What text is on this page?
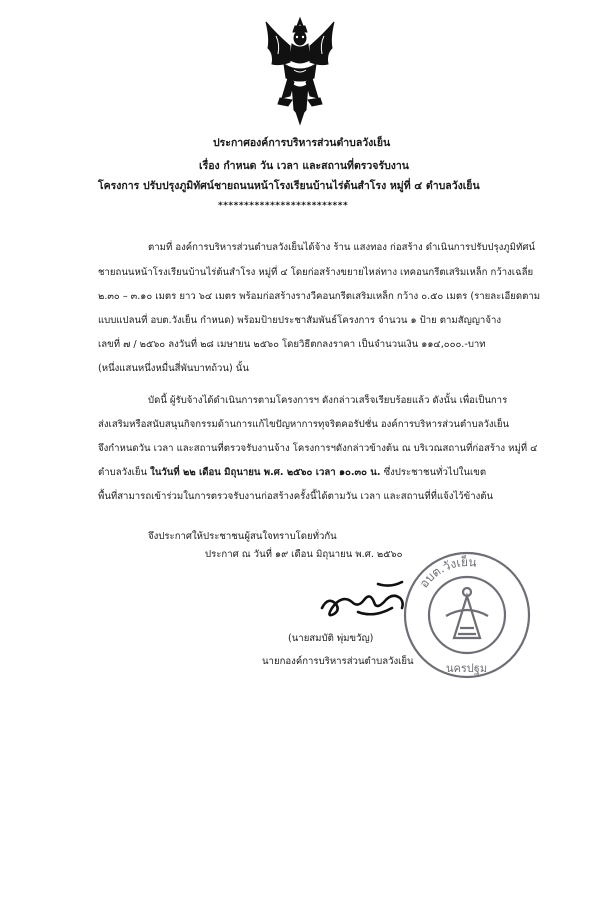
ประกาศองค์การบริหารส่วนตำบลวังเย็น
เรื่อง กำหนด วัน เวลา และสถานที่ตรวจรับงาน
โครงการ ปรับปรุงภูมิทัศน์ชายถนนหน้าโรงเรียนบ้านไร่ต้นสำโรง หมู่ที่ ๔ ตำบลวังเย็น
*************************
ตามที่ องค์การบริหารส่วนตำบลวังเย็นได้จ้าง ร้าน แสงทอง ก่อสร้าง ดำเนินการปรับปรุงภูมิทัศน์
ชายถนนหน้าโรงเรียนบ้านไร่ต้นสำโรง หมู่ที่ ๔ โดยก่อสร้างขยายไหล่ทาง เทคอนกรีตเสริมเหล็ก กว้างเฉลี่ย
๒.๓๐ – ๓.๑๐ เมตร ยาว ๖๔ เมตร พร้อมก่อสร้างรางวีคอนกรีตเสริมเหล็ก กว้าง ๐.๕๐ เมตร (รายละเอียดตาม
แบบแปลนที่ อบต.วังเย็น กำหนด) พร้อมป้ายประชาสัมพันธ์โครงการ จำนวน ๑ ป้าย ตามสัญญาจ้าง
เลขที่ ๗ / ๒๕๖๐ ลงวันที่ ๒๘ เมษายน ๒๕๖๐ โดยวิธีตกลงราคา เป็นจำนวนเงิน ๑๑๔,๐๐๐.-บาท
(หนึ่งแสนหนึ่งหมื่นสี่พันบาทถ้วน) นั้น
บัดนี้ ผู้รับจ้างได้ดำเนินการตามโครงการฯ ดังกล่าวเสร็จเรียบร้อยแล้ว ดังนั้น เพื่อเป็นการ
ส่งเสริมหรือสนับสนุนกิจกรรมด้านการแก้ไขปัญหาการทุจริตคอรัปชั่น องค์การบริหารส่วนตำบลวังเย็น
จึงกำหนดวัน เวลา และสถานที่ตรวจรับงานจ้าง โครงการฯดังกล่าวข้างต้น ณ บริเวณสถานที่ก่อสร้าง หมู่ที่ ๔
ตำบลวังเย็น ในวันที่ ๒๒ เดือน มิถุนายน พ.ศ. ๒๕๖๐ เวลา ๑๐.๓๐ น. ซึ่งประชาชนทั่วไปในเขต
พื้นที่สามารถเข้าร่วมในการตรวจรับงานก่อสร้างครั้งนี้ได้ตามวัน เวลา และสถานที่ที่แจ้งไว้ข้างต้น
จึงประกาศให้ประชาชนผู้สนใจทราบโดยทั่วกัน
อบต.วังเย็น
นครปฐม
ประกาศ ณ วันที่ ๑๙ เดือน มิถุนายน พ.ศ. ๒๕๖๐
(นายสมบัติ พุ่มขวัญ)
นายกองค์การบริหารส่วนตำบลวังเย็น
